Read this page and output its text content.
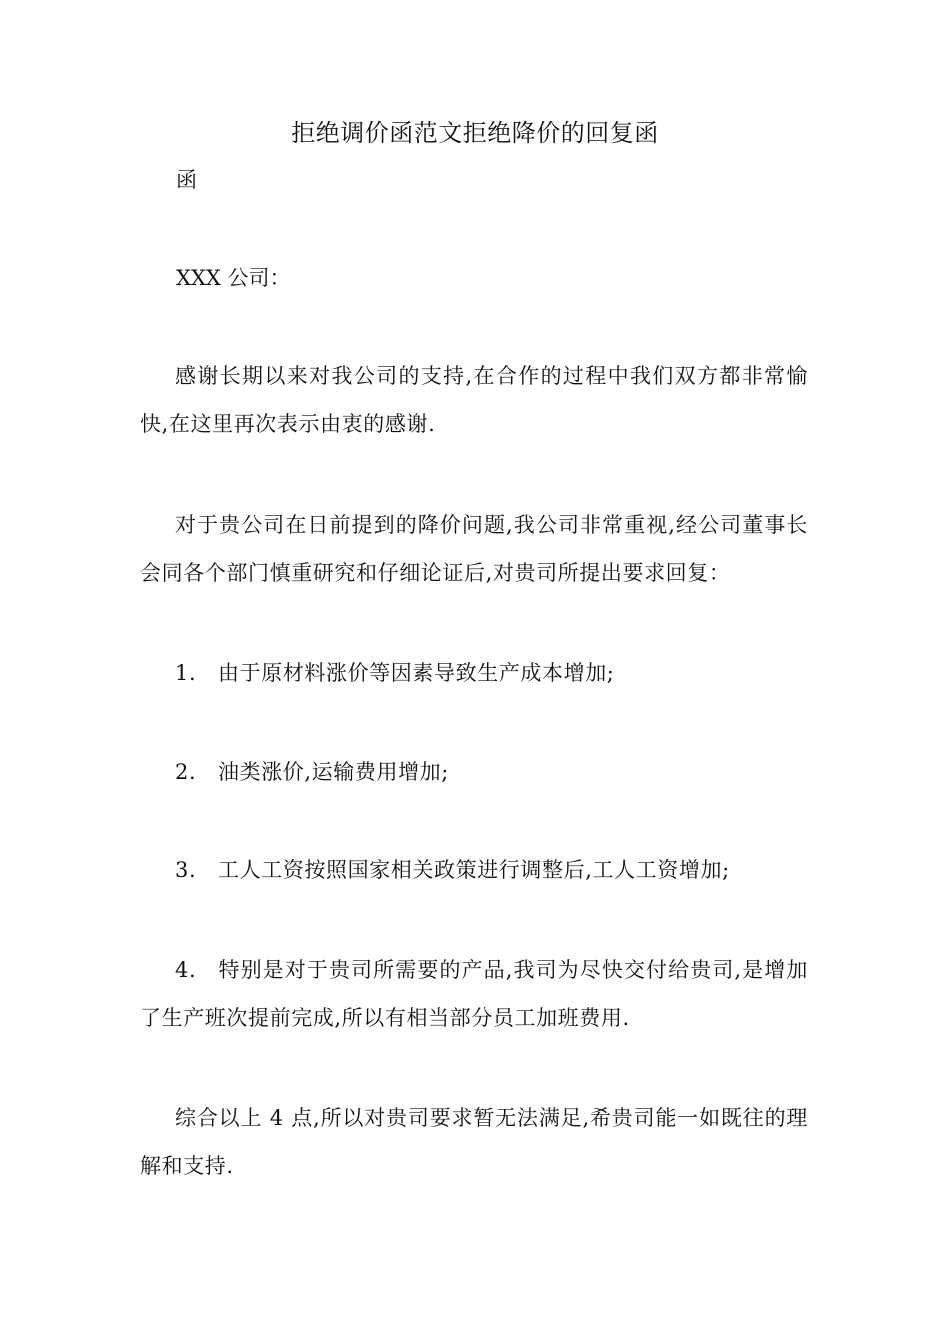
拒绝调价函范文拒绝降价的回复函
函
XXX 公司：
感谢长期以来对我公司的支持,在合作的过程中我们双方都非常愉快,在这里再次表示由衷的感谢.
对于贵公司在日前提到的降价问题,我公司非常重视,经公司董事长会同各个部门慎重研究和仔细论证后,对贵司所提出要求回复：
1. 由于原材料涨价等因素导致生产成本增加;
2. 油类涨价,运输费用增加;
3. 工人工资按照国家相关政策进行调整后,工人工资增加;
4. 特别是对于贵司所需要的产品,我司为尽快交付给贵司,是增加了生产班次提前完成,所以有相当部分员工加班费用.
综合以上 4 点,所以对贵司要求暂无法满足,希贵司能一如既往的理解和支持.
